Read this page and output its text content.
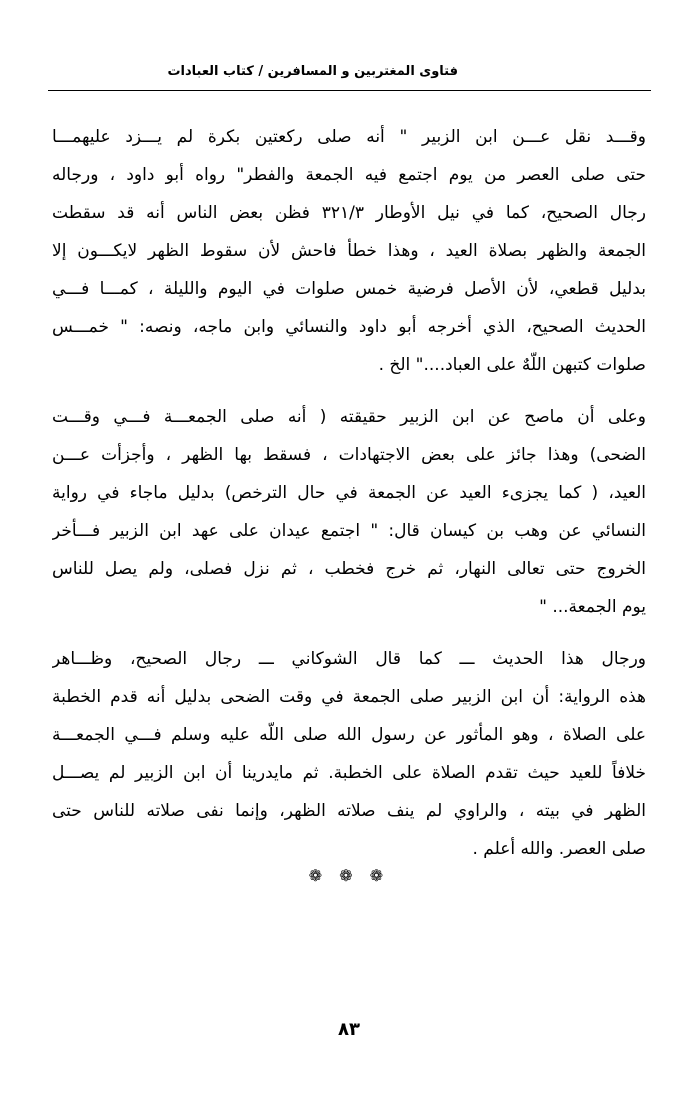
فتاوى المغتربين و المسافرين / كتاب العبادات

وقـــد نقل عـــن ابن الزبير " أنه صلى ركعتين بكرة لم يـــزد عليهمـــا
حتى صلى العصر من يوم اجتمع فيه الجمعة والفطر" رواه أبو داود ، ورجاله
رجال الصحيح، كما في نيل الأوطار ٣٢١/٣ فظن بعض الناس أنه قد سقطت
الجمعة والظهر بصلاة العيد ، وهذا خطأ فاحش لأن سقوط الظهر لايكـــون إلا
بدليل قطعي، لأن الأصل فرضية خمس صلوات في اليوم والليلة ، كمـــا فـــي
الحديث الصحيح، الذي أخرجه أبو داود والنسائي وابن ماجه، ونصه: " خمـــس
صلوات كتبهن اللّهٌ على العباد...." الخ .

وعلى أن ماصح عن ابن الزبير حقيقته ( أنه صلى الجمعـــة فـــي وقـــت
الضحى) وهذا جائز على بعض الاجتهادات ، فسقط بها الظهر ، وأجزأت عـــن
العيد، ( كما يجزىء العيد عن الجمعة في حال الترخص) بدليل ماجاء في رواية
النسائي عن وهب بن كيسان قال: " اجتمع عيدان على عهد ابن الزبير فـــأخر
الخروج حتى تعالى النهار، ثم خرج فخطب ، ثم نزل فصلى، ولم يصل للناس
يوم الجمعة... "

ورجال هذا الحديث ـــ كما قال الشوكاني ـــ رجال الصحيح، وظـــاهر
هذه الرواية: أن ابن الزبير صلى الجمعة في وقت الضحى بدليل أنه قدم الخطبة
على الصلاة ، وهو المأثور عن رسول الله صلى اللّه عليه وسلم فـــي الجمعـــة
خلافاً للعيد حيث تقدم الصلاة على الخطبة. ثم مايدرينا أن ابن الزبير لم يصـــل
الظهر في بيته ، والراوي لم ينف صلاته الظهر، وإنما نفى صلاته للناس حتى
صلى العصر. والله أعلم .

❁ ❁ ❁
٨٣
